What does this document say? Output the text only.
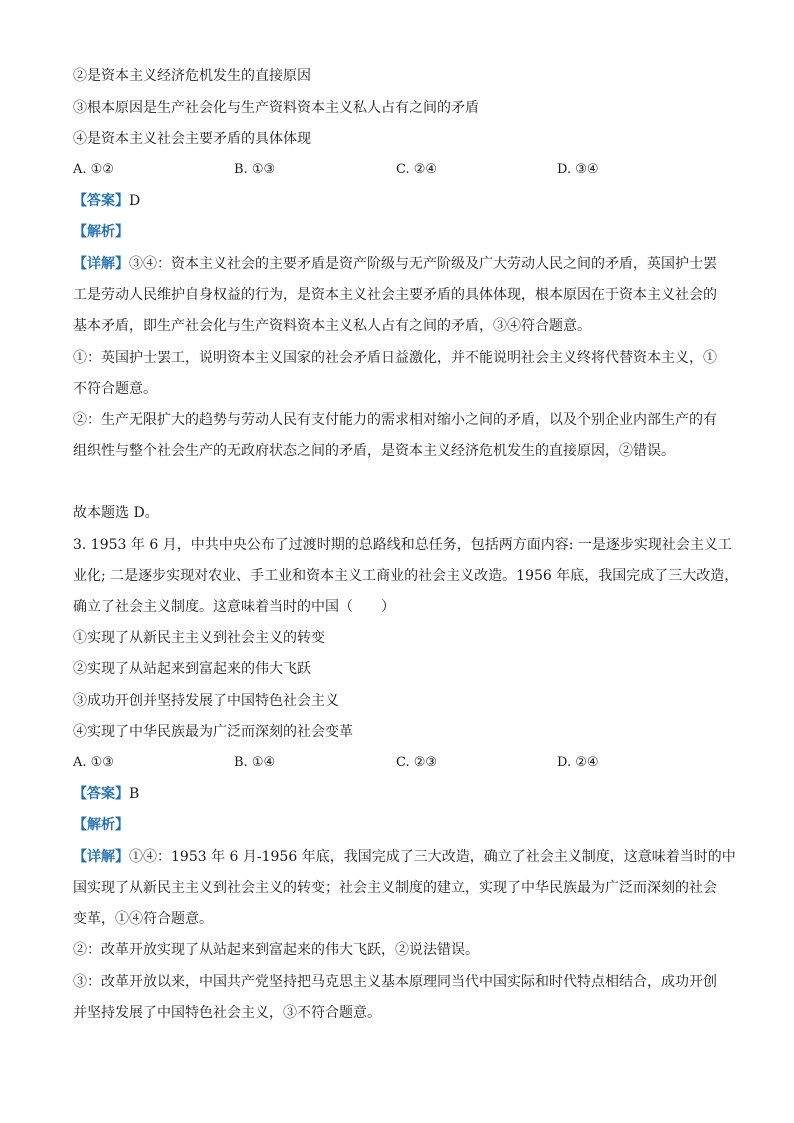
②是资本主义经济危机发生的直接原因
③根本原因是生产社会化与生产资料资本主义私人占有之间的矛盾
④是资本主义社会主要矛盾的具体体现
A. ①②	B. ①③	C. ②④	D. ③④
【答案】D
【解析】
【详解】③④：资本主义社会的主要矛盾是资产阶级与无产阶级及广大劳动人民之间的矛盾，英国护士罢
工是劳动人民维护自身权益的行为，是资本主义社会主要矛盾的具体体现，根本原因在于资本主义社会的
基本矛盾，即生产社会化与生产资料资本主义私人占有之间的矛盾，③④符合题意。
①：英国护士罢工，说明资本主义国家的社会矛盾日益激化，并不能说明社会主义终将代替资本主义，①
不符合题意。
②：生产无限扩大的趋势与劳动人民有支付能力的需求相对缩小之间的矛盾，以及个别企业内部生产的有
组织性与整个社会生产的无政府状态之间的矛盾，是资本主义经济危机发生的直接原因，②错误。
故本题选 D。
3. 1953 年 6 月，中共中央公布了过渡时期的总路线和总任务，包括两方面内容: 一是逐步实现社会主义工
业化; 二是逐步实现对农业、手工业和资本主义工商业的社会主义改造。1956 年底，我国完成了三大改造，
确立了社会主义制度。这意味着当时的中国（　　）
①实现了从新民主主义到社会主义的转变
②实现了从站起来到富起来的伟大飞跃
③成功开创并坚持发展了中国特色社会主义
④实现了中华民族最为广泛而深刻的社会变革
A. ①③	B. ①④	C. ②③	D. ②④
【答案】B
【解析】
【详解】①④：1953 年 6 月-1956 年底，我国完成了三大改造，确立了社会主义制度，这意味着当时的中
国实现了从新民主主义到社会主义的转变；社会主义制度的建立，实现了中华民族最为广泛而深刻的社会
变革，①④符合题意。
②：改革开放实现了从站起来到富起来的伟大飞跃，②说法错误。
③：改革开放以来，中国共产党坚持把马克思主义基本原理同当代中国实际和时代特点相结合，成功开创
并坚持发展了中国特色社会主义，③不符合题意。
